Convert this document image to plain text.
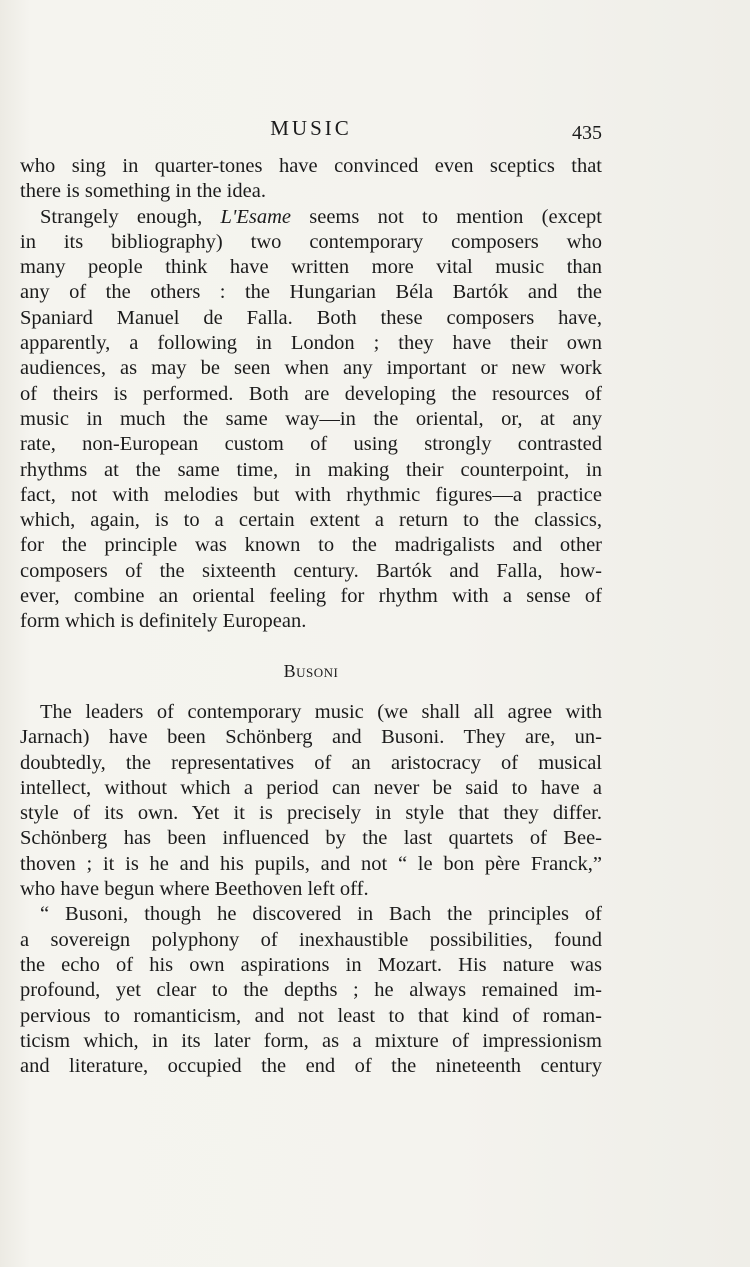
MUSIC	435

who sing in quarter-tones have convinced even sceptics that
there is something in the idea.

Strangely enough, L'Esame seems not to mention (except
in its bibliography) two contemporary composers who
many people think have written more vital music than
any of the others : the Hungarian Béla Bartók and the
Spaniard Manuel de Falla. Both these composers have,
apparently, a following in London ; they have their own
audiences, as may be seen when any important or new work
of theirs is performed. Both are developing the resources of
music in much the same way—in the oriental, or, at any
rate, non-European custom of using strongly contrasted
rhythms at the same time, in making their counterpoint, in
fact, not with melodies but with rhythmic figures—a practice
which, again, is to a certain extent a return to the classics,
for the principle was known to the madrigalists and other
composers of the sixteenth century. Bartók and Falla, how-
ever, combine an oriental feeling for rhythm with a sense of
form which is definitely European.

Busoni

The leaders of contemporary music (we shall all agree with
Jarnach) have been Schönberg and Busoni. They are, un-
doubtedly, the representatives of an aristocracy of musical
intellect, without which a period can never be said to have a
style of its own. Yet it is precisely in style that they differ.
Schönberg has been influenced by the last quartets of Bee-
thoven ; it is he and his pupils, and not “ le bon père Franck,”
who have begun where Beethoven left off.

“ Busoni, though he discovered in Bach the principles of
a sovereign polyphony of inexhaustible possibilities, found
the echo of his own aspirations in Mozart. His nature was
profound, yet clear to the depths ; he always remained im-
pervious to romanticism, and not least to that kind of roman-
ticism which, in its later form, as a mixture of impressionism
and literature, occupied the end of the nineteenth century
